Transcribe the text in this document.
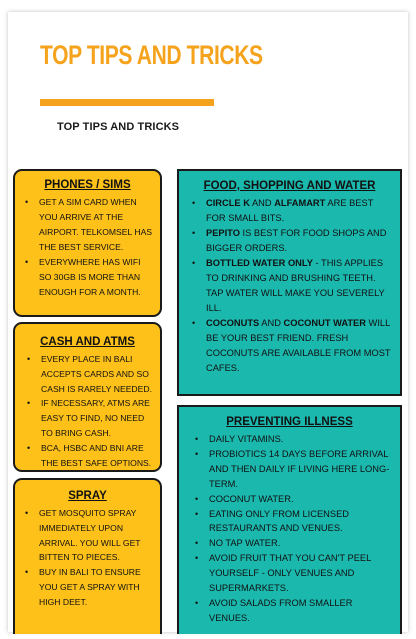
TOP TIPS AND TRICKS
TOP TIPS AND TRICKS
PHONES / SIMS
• GET A SIM CARD WHEN YOU ARRIVE AT THE AIRPORT. TELKOMSEL HAS THE BEST SERVICE.
• EVERYWHERE HAS WIFI SO 30GB IS MORE THAN ENOUGH FOR A MONTH.
CASH AND ATMS
• EVERY PLACE IN BALI ACCEPTS CARDS AND SO CASH IS RARELY NEEDED.
• IF NECESSARY, ATMS ARE EASY TO FIND, NO NEED TO BRING CASH.
• BCA, HSBC AND BNI ARE THE BEST SAFE OPTIONS.
SPRAY
• GET MOSQUITO SPRAY IMMEDIATELY UPON ARRIVAL. YOU WILL GET BITTEN TO PIECES.
• BUY IN BALI TO ENSURE YOU GET A SPRAY WITH HIGH DEET.
FOOD, SHOPPING AND WATER
• CIRCLE K AND ALFAMART ARE BEST FOR SMALL BITS.
• PEPITO IS BEST FOR FOOD SHOPS AND BIGGER ORDERS.
• BOTTLED WATER ONLY - THIS APPLIES TO DRINKING AND BRUSHING TEETH. TAP WATER WILL MAKE YOU SEVERELY ILL.
• COCONUTS AND COCONUT WATER WILL BE YOUR BEST FRIEND. FRESH COCONUTS ARE AVAILABLE FROM MOST CAFES.
PREVENTING ILLNESS
• DAILY VITAMINS.
• PROBIOTICS 14 DAYS BEFORE ARRIVAL AND THEN DAILY IF LIVING HERE LONG-TERM.
• COCONUT WATER.
• EATING ONLY FROM LICENSED RESTAURANTS AND VENUES.
• NO TAP WATER.
• AVOID FRUIT THAT YOU CAN'T PEEL YOURSELF - ONLY VENUES AND SUPERMARKETS.
• AVOID SALADS FROM SMALLER VENUES.
